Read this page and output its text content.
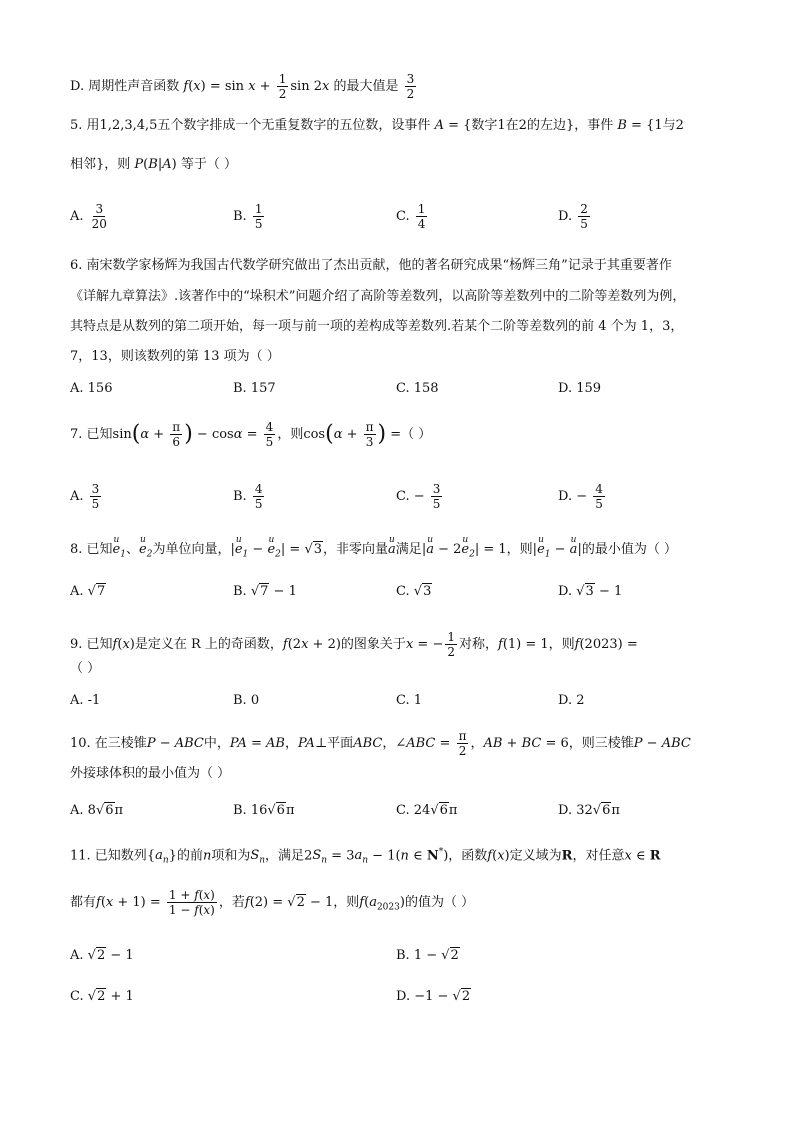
D. 周期性声音函数 $f(x) = \sin x + \frac{1}{2}$ sin 2x 的最大值是 $\frac{3}{2}$
5. 用1,2,3,4,5五个数字排成一个无重复数字的五位数，设事件 A = {数字1在2的左边}，事件 B = {1与2
相邻}，则 P(B|A) 等于（ ）
A. $\frac{3}{20}$	B. $\frac{1}{5}$	C. $\frac{1}{4}$	D. $\frac{2}{5}$
6. 南宋数学家杨辉为我国古代数学研究做出了杰出贡献，他的著名研究成果“杨辉三角”记录于其重要著作
《详解九章算法》.该著作中的“垛积术”问题介绍了高阶等差数列，以高阶等差数列中的二阶等差数列为例，
其特点是从数列的第二项开始，每一项与前一项的差构成等差数列.若某个二阶等差数列的前 4 个为 1，3，
7，13，则该数列的第 13 项为（ ）
A. 156	B. 157	C. 158	D. 159
7. 已知$\sin(\alpha + \frac{\pi}{6}$ ) − $\cos\alpha = \frac{4}{5}$ ，则$\cos(\alpha + \frac{\pi}{3}$ ) =（ ）
A. $\frac{3}{5}$	B. $\frac{4}{5}$	C. − $\frac{3}{5}$	D. − $\frac{4}{5}$
8. 已知u $e_1$、u $e_2$为单位向量，|u $e_1 - u$ $e_2| = √3$，非零向量u a满足|u a − 2u $e_2| = 1$，则|u $e_1 - u$ a|的最小值为（ ）
A. √7	B. √7 − 1	C. √3	D. √3 − 1
9. 已知f(x)是定义在 R 上的奇函数，f(2x + 2)的图象关于x = − $\frac{1}{2}$ 对称，f(1) = 1，则f(2023) =
（ ）
A. -1	B. 0	C. 1	D. 2
10. 在三棱锥P − ABC中，PA = AB，PA⊥平面ABC，∠ABC = $\frac{\pi}{2}$ ，AB + BC = 6，则三棱锥P − ABC
外接球体积的最小值为（ ）
A. 8√6π	B. 16√6π	C. 24√6π	D. 32√6π
11. 已知数列$\{a_n\}$的前n项和为$S_n$，满足$2S_n = 3a_n - 1(n$ ∈ N*)，函数f(x)定义域为R，对任意x ∈ R
都有$f(x + 1) = \frac{1 + f(x)}{1 - f(x)}$ ，若f(2) = √2 − 1，则$f(a_{2023})$的值为（ ）
A. √2 − 1	B. 1 − √2
C. √2 + 1	D. −1 − √2
